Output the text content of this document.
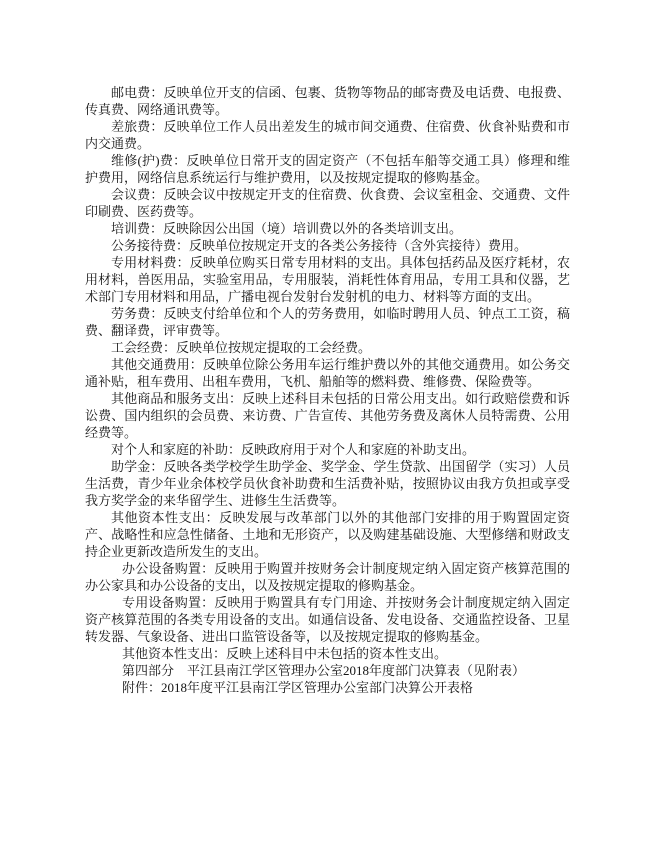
邮电费：反映单位开支的信函、包裹、货物等物品的邮寄费及电话费、电报费、传真费、网络通讯费等。

差旅费：反映单位工作人员出差发生的城市间交通费、住宿费、伙食补贴费和市内交通费。

维修(护)费：反映单位日常开支的固定资产（不包括车船等交通工具）修理和维护费用，网络信息系统运行与维护费用，以及按规定提取的修购基金。

会议费：反映会议中按规定开支的住宿费、伙食费、会议室租金、交通费、文件印刷费、医药费等。

培训费：反映除因公出国（境）培训费以外的各类培训支出。

公务接待费：反映单位按规定开支的各类公务接待（含外宾接待）费用。

专用材料费：反映单位购买日常专用材料的支出。具体包括药品及医疗耗材，农用材料，兽医用品，实验室用品，专用服装，消耗性体育用品，专用工具和仪器，艺术部门专用材料和用品，广播电视台发射台发射机的电力、材料等方面的支出。

劳务费：反映支付给单位和个人的劳务费用，如临时聘用人员、钟点工工资，稿费、翻译费，评审费等。

工会经费：反映单位按规定提取的工会经费。

其他交通费用：反映单位除公务用车运行维护费以外的其他交通费用。如公务交通补贴，租车费用、出租车费用，飞机、船舶等的燃料费、维修费、保险费等。

其他商品和服务支出：反映上述科目未包括的日常公用支出。如行政赔偿费和诉讼费、国内组织的会员费、来访费、广告宣传、其他劳务费及离休人员特需费、公用经费等。

对个人和家庭的补助：反映政府用于对个人和家庭的补助支出。

助学金：反映各类学校学生助学金、奖学金、学生贷款、出国留学（实习）人员生活费，青少年业余体校学员伙食补助费和生活费补贴，按照协议由我方负担或享受我方奖学金的来华留学生、进修生生活费等。

其他资本性支出：反映发展与改革部门以外的其他部门安排的用于购置固定资产、战略性和应急性储备、土地和无形资产，以及购建基础设施、大型修缮和财政支持企业更新改造所发生的支出。

办公设备购置：反映用于购置并按财务会计制度规定纳入固定资产核算范围的办公家具和办公设备的支出，以及按规定提取的修购基金。

专用设备购置：反映用于购置具有专门用途、并按财务会计制度规定纳入固定资产核算范围的各类专用设备的支出。如通信设备、发电设备、交通监控设备、卫星转发器、气象设备、进出口监管设备等，以及按规定提取的修购基金。

其他资本性支出：反映上述科目中未包括的资本性支出。

第四部分　平江县南江学区管理办公室2018年度部门决算表（见附表）

附件：2018年度平江县南江学区管理办公室部门决算公开表格
